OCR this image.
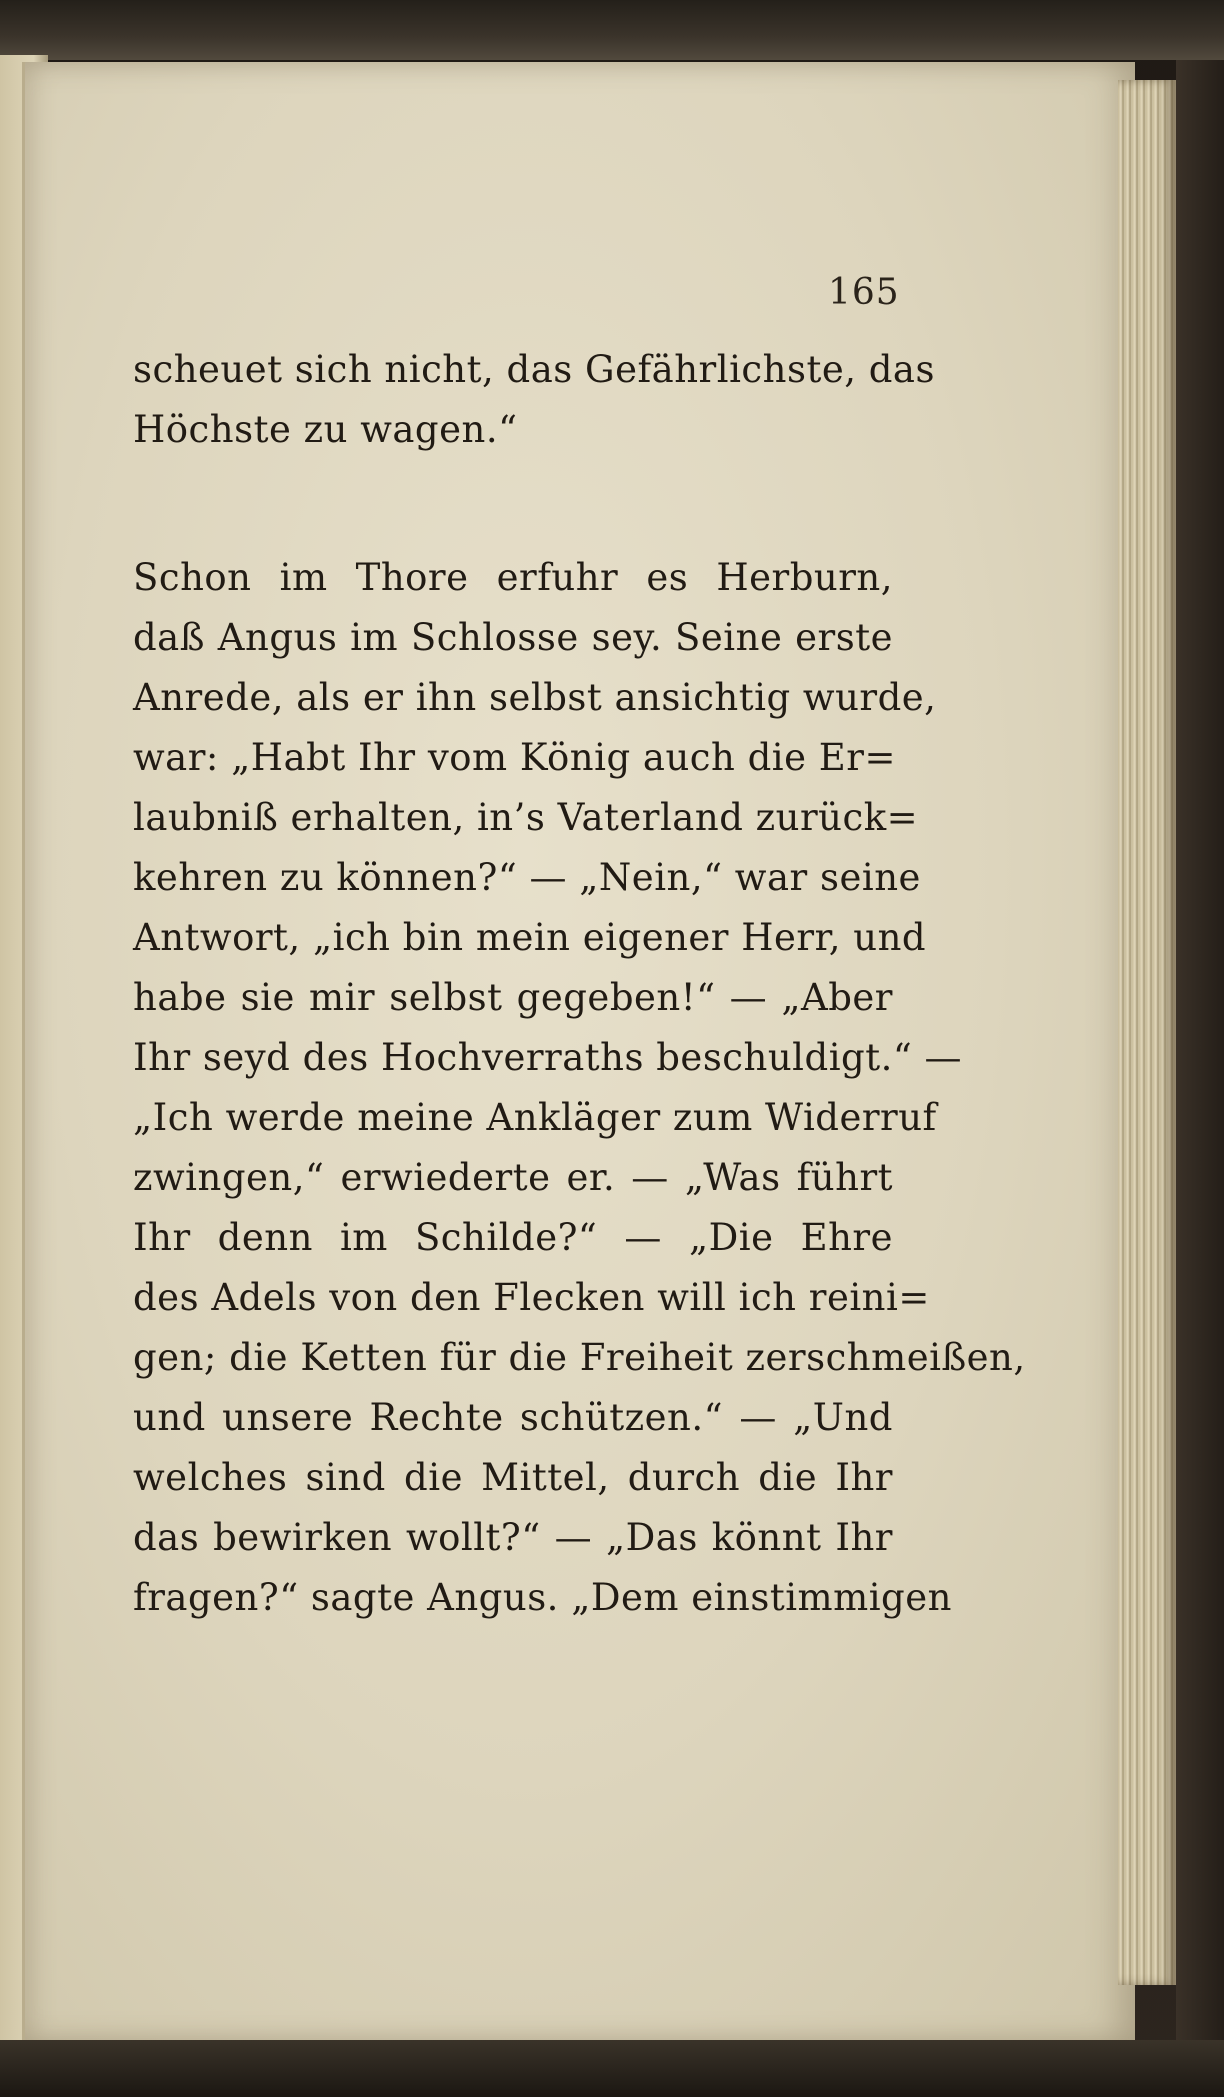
165
scheuet sich nicht, das Gefährlichste, das
Höchste zu wagen.“
Schon im Thore erfuhr es Herburn,
daß Angus im Schlosse sey. Seine erste
Anrede, als er ihn selbst ansichtig wurde,
war: „Habt Ihr vom König auch die Er=
laubniß erhalten, in’s Vaterland zurück=
kehren zu können?“ — „Nein,“ war seine
Antwort, „ich bin mein eigener Herr, und
habe sie mir selbst gegeben!“ — „Aber
Ihr seyd des Hochverraths beschuldigt.“ —
„Ich werde meine Ankläger zum Widerruf
zwingen,“ erwiederte er. — „Was führt
Ihr denn im Schilde?“ — „Die Ehre
des Adels von den Flecken will ich reini=
gen; die Ketten für die Freiheit zerschmeißen,
und unsere Rechte schützen.“ — „Und
welches sind die Mittel, durch die Ihr
das bewirken wollt?“ — „Das könnt Ihr
fragen?“ sagte Angus. „Dem einstimmigen
